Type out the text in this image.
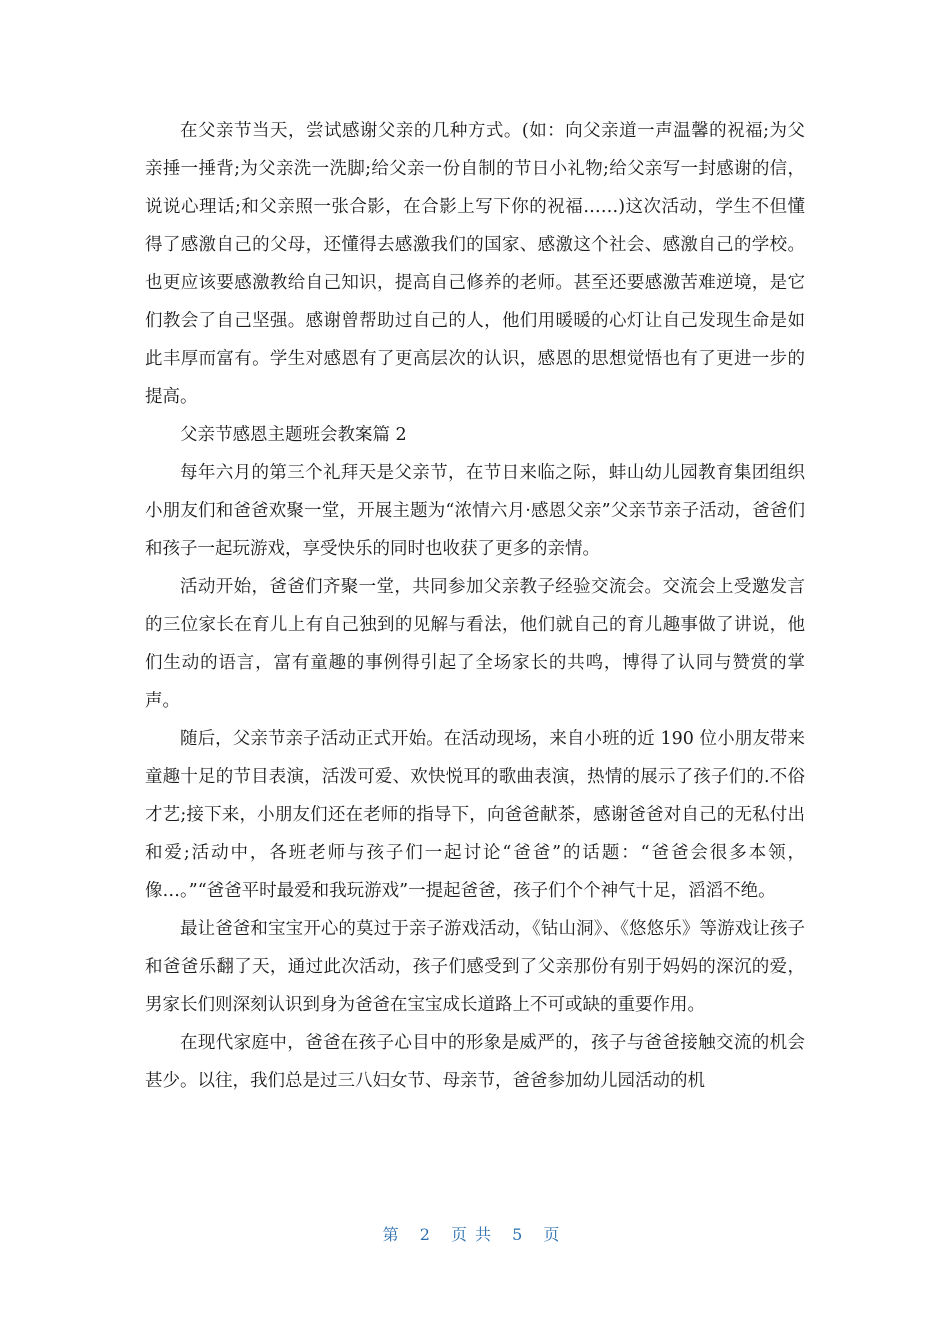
在父亲节当天，尝试感谢父亲的几种方式。(如：向父亲道一声温馨的祝福;为父亲捶一捶背;为父亲洗一洗脚;给父亲一份自制的节日小礼物;给父亲写一封感谢的信，说说心理话;和父亲照一张合影，在合影上写下你的祝福……)这次活动，学生不但懂得了感激自己的父母，还懂得去感激我们的国家、感激这个社会、感激自己的学校。也更应该要感激教给自己知识，提高自己修养的老师。甚至还要感激苦难逆境，是它们教会了自己坚强。感谢曾帮助过自己的人，他们用暖暖的心灯让自己发现生命是如此丰厚而富有。学生对感恩有了更高层次的认识，感恩的思想觉悟也有了更进一步的提高。

父亲节感恩主题班会教案篇 2

每年六月的第三个礼拜天是父亲节，在节日来临之际，蚌山幼儿园教育集团组织小朋友们和爸爸欢聚一堂，开展主题为“浓情六月·感恩父亲”父亲节亲子活动，爸爸们和孩子一起玩游戏，享受快乐的同时也收获了更多的亲情。

活动开始，爸爸们齐聚一堂，共同参加父亲教子经验交流会。交流会上受邀发言的三位家长在育儿上有自己独到的见解与看法，他们就自己的育儿趣事做了讲说，他们生动的语言，富有童趣的事例得引起了全场家长的共鸣，博得了认同与赞赏的掌声。

随后，父亲节亲子活动正式开始。在活动现场，来自小班的近 190 位小朋友带来童趣十足的节目表演，活泼可爱、欢快悦耳的歌曲表演，热情的展示了孩子们的.不俗才艺;接下来，小朋友们还在老师的指导下，向爸爸献茶，感谢爸爸对自己的无私付出和爱;活动中，各班老师与孩子们一起讨论“爸爸”的话题：“爸爸会很多本领，像…。”“爸爸平时最爱和我玩游戏”一提起爸爸，孩子们个个神气十足，滔滔不绝。

最让爸爸和宝宝开心的莫过于亲子游戏活动，《钻山洞》、《悠悠乐》等游戏让孩子和爸爸乐翻了天，通过此次活动，孩子们感受到了父亲那份有别于妈妈的深沉的爱，男家长们则深刻认识到身为爸爸在宝宝成长道路上不可或缺的重要作用。

在现代家庭中，爸爸在孩子心目中的形象是威严的，孩子与爸爸接触交流的机会甚少。以往，我们总是过三八妇女节、母亲节，爸爸参加幼儿园活动的机

第 2 页共 5 页
